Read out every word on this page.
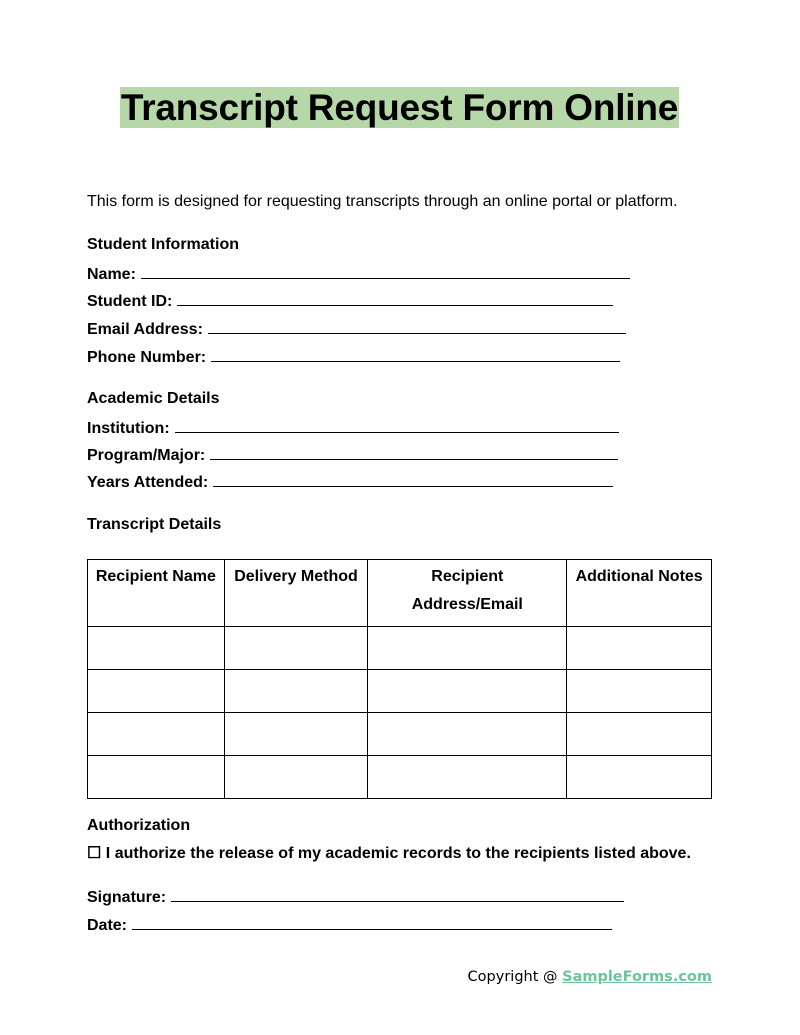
Transcript Request Form Online
This form is designed for requesting transcripts through an online portal or platform.
Student Information
Name:
Student ID:
Email Address:
Phone Number:
Academic Details
Institution:
Program/Major:
Years Attended:
Transcript Details
Recipient Name	Delivery Method	Recipient Address/Email	Additional Notes

Authorization
☐ I authorize the release of my academic records to the recipients listed above.
Signature:
Date:
Copyright @ SampleForms.com
